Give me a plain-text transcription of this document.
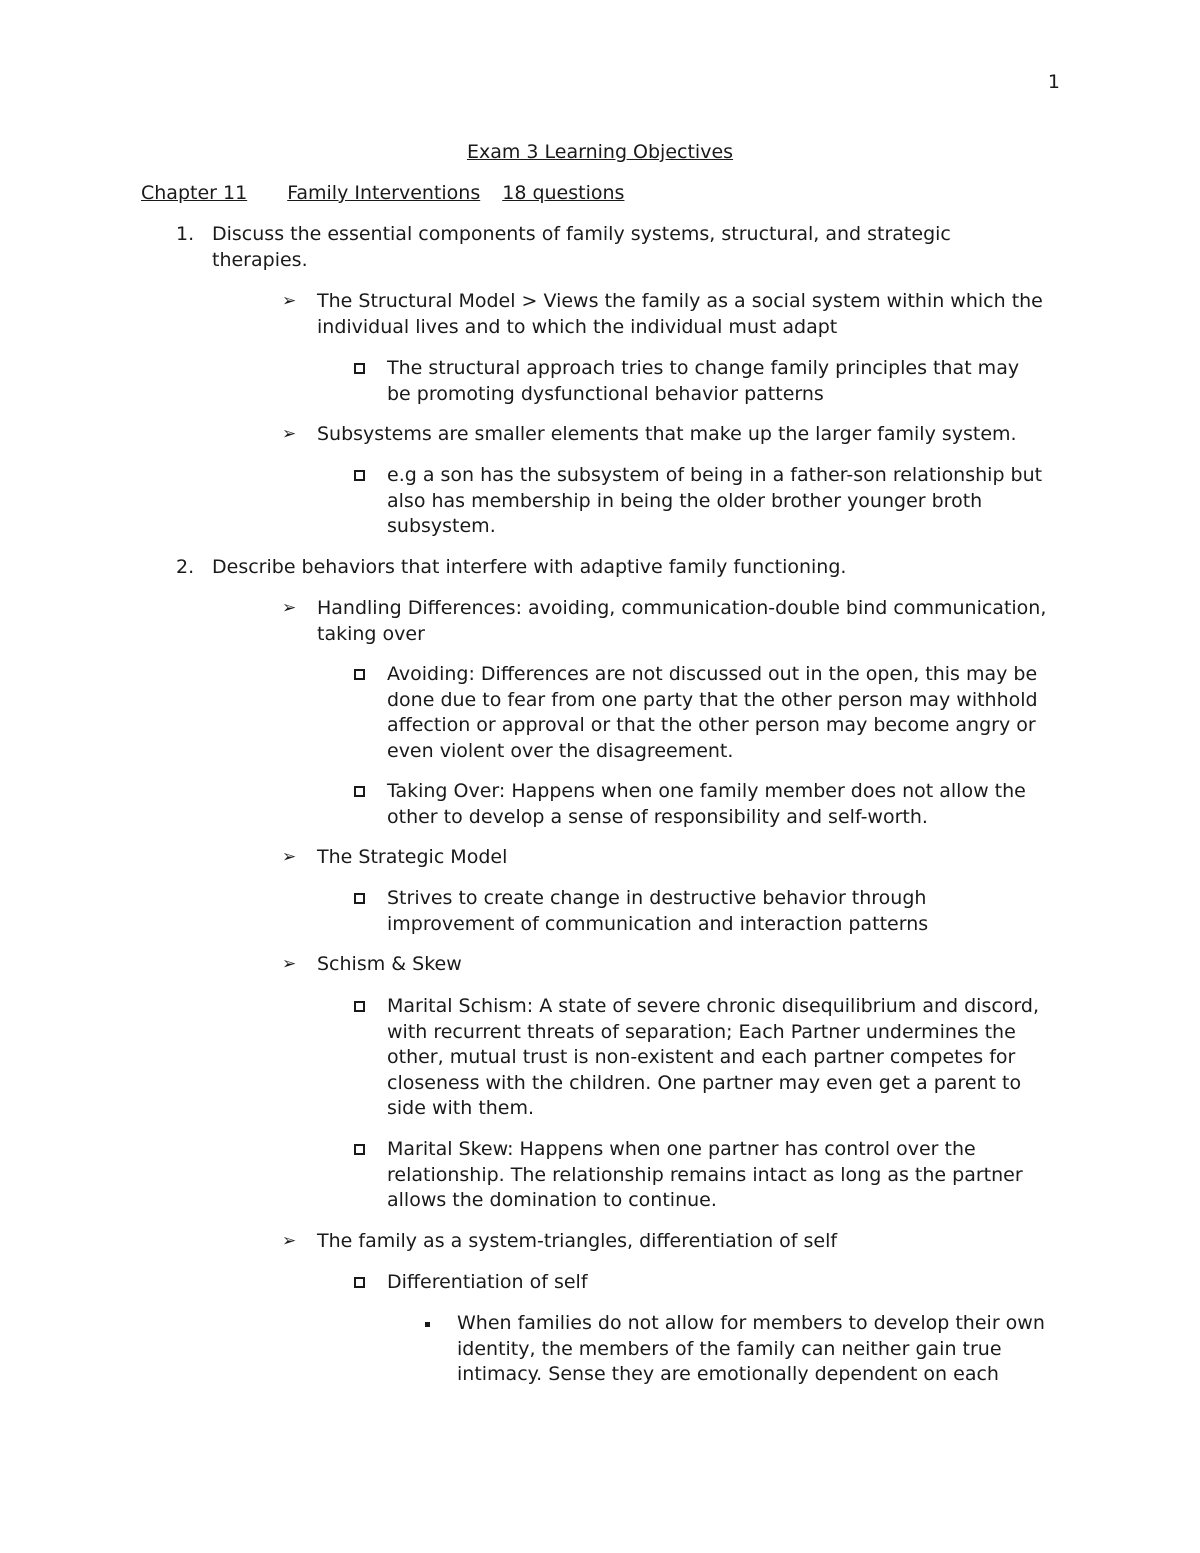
1
Exam 3 Learning Objectives
Chapter 11 Family Interventions 18 questions
1. Discuss the essential components of family systems, structural, and strategic
therapies.
➢ The Structural Model > Views the family as a social system within which the
individual lives and to which the individual must adapt
The structural approach tries to change family principles that may
be promoting dysfunctional behavior patterns
➢ Subsystems are smaller elements that make up the larger family system.
e.g a son has the subsystem of being in a father-son relationship but
also has membership in being the older brother younger broth
subsystem.
2. Describe behaviors that interfere with adaptive family functioning.
➢ Handling Differences: avoiding, communication-double bind communication,
taking over
Avoiding: Differences are not discussed out in the open, this may be
done due to fear from one party that the other person may withhold
affection or approval or that the other person may become angry or
even violent over the disagreement.
Taking Over: Happens when one family member does not allow the
other to develop a sense of responsibility and self-worth.
➢ The Strategic Model
Strives to create change in destructive behavior through
improvement of communication and interaction patterns
➢ Schism & Skew
Marital Schism: A state of severe chronic disequilibrium and discord,
with recurrent threats of separation; Each Partner undermines the
other, mutual trust is non-existent and each partner competes for
closeness with the children. One partner may even get a parent to
side with them.
Marital Skew: Happens when one partner has control over the
relationship. The relationship remains intact as long as the partner
allows the domination to continue.
➢ The family as a system-triangles, differentiation of self
Differentiation of self
When families do not allow for members to develop their own
identity, the members of the family can neither gain true
intimacy. Sense they are emotionally dependent on each
